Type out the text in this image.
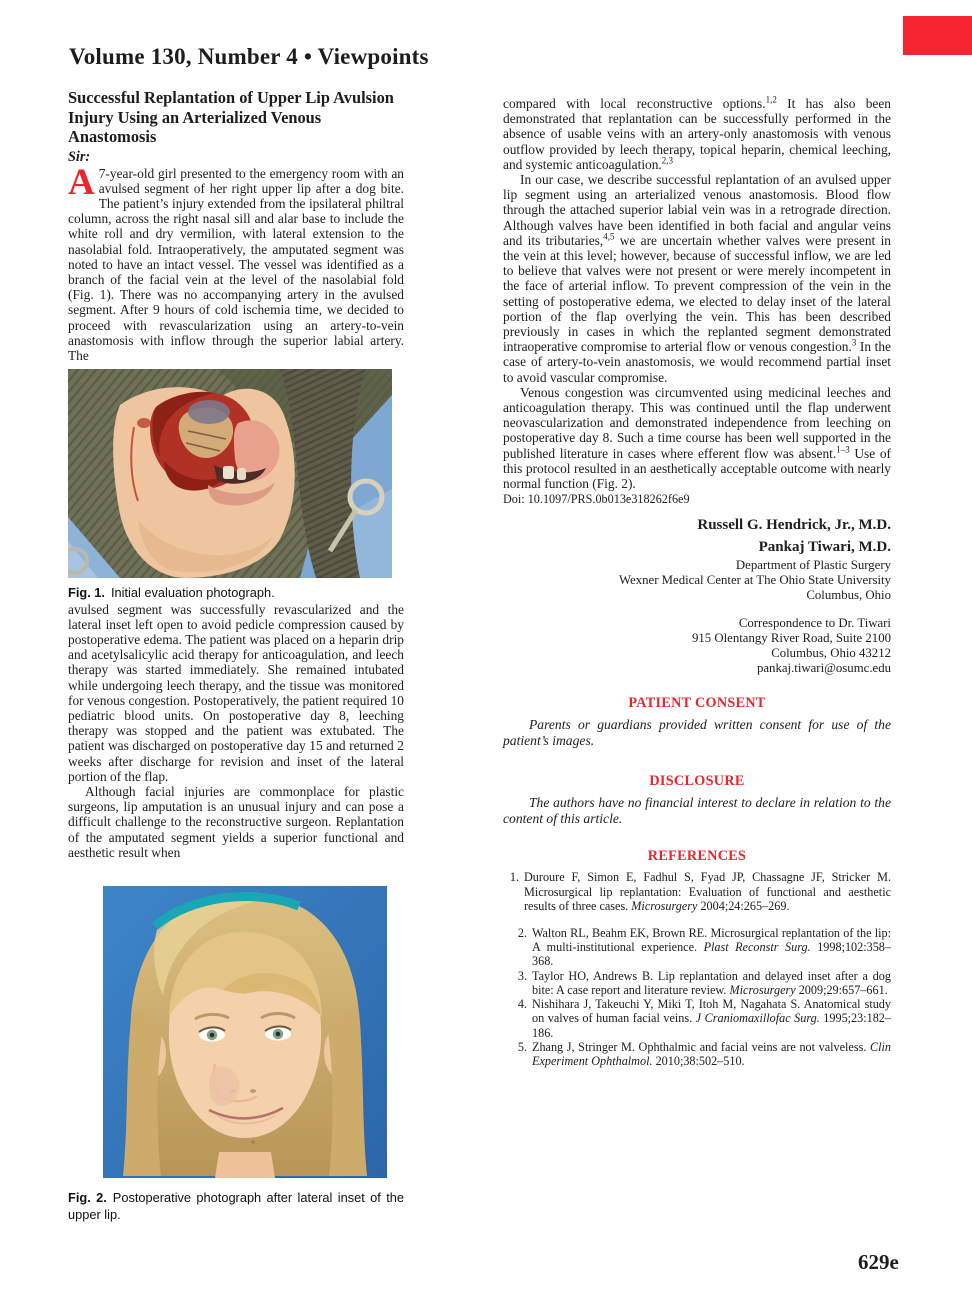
Volume 130, Number 4 • Viewpoints
Successful Replantation of Upper Lip Avulsion Injury Using an Arterialized Venous Anastomosis
Sir:

A 7-year-old girl presented to the emergency room with an avulsed segment of her right upper lip after a dog bite. The patient’s injury extended from the ipsilateral philtral column, across the right nasal sill and alar base to include the white roll and dry vermilion, with lateral extension to the nasolabial fold. Intraoperatively, the amputated segment was noted to have an intact vessel. The vessel was identified as a branch of the facial vein at the level of the nasolabial fold (Fig. 1). There was no accompanying artery in the avulsed segment. After 9 hours of cold ischemia time, we decided to proceed with revascularization using an artery-to-vein anastomosis with inflow through the superior labial artery. The

Fig. 1. Initial evaluation photograph.

avulsed segment was successfully revascularized and the lateral inset left open to avoid pedicle compression caused by postoperative edema. The patient was placed on a heparin drip and acetylsalicylic acid therapy for anticoagulation, and leech therapy was started immediately. She remained intubated while undergoing leech therapy, and the tissue was monitored for venous congestion. Postoperatively, the patient required 10 pediatric blood units. On postoperative day 8, leeching therapy was stopped and the patient was extubated. The patient was discharged on postoperative day 15 and returned 2 weeks after discharge for revision and inset of the lateral portion of the flap.

Although facial injuries are commonplace for plastic surgeons, lip amputation is an unusual injury and can pose a difficult challenge to the reconstructive surgeon. Replantation of the amputated segment yields a superior functional and aesthetic result when

Fig. 2. Postoperative photograph after lateral inset of the upper lip.

compared with local reconstructive options.$^{1,2}$ It has also been demonstrated that replantation can be successfully performed in the absence of usable veins with an artery-only anastomosis with venous outflow provided by leech therapy, topical heparin, chemical leeching, and systemic anticoagulation.$^{2,3}$

In our case, we describe successful replantation of an avulsed upper lip segment using an arterialized venous anastomosis. Blood flow through the attached superior labial vein was in a retrograde direction. Although valves have been identified in both facial and angular veins and its tributaries,$^{4,5}$ we are uncertain whether valves were present in the vein at this level; however, because of successful inflow, we are led to believe that valves were not present or were merely incompetent in the face of arterial inflow. To prevent compression of the vein in the setting of postoperative edema, we elected to delay inset of the lateral portion of the flap overlying the vein. This has been described previously in cases in which the replanted segment demonstrated intraoperative compromise to arterial flow or venous congestion.$^3$ In the case of artery-to-vein anastomosis, we would recommend partial inset to avoid vascular compromise.

Venous congestion was circumvented using medicinal leeches and anticoagulation therapy. This was continued until the flap underwent neovascularization and demonstrated independence from leeching on postoperative day 8. Such a time course has been well supported in the published literature in cases where efferent flow was absent.$^{1-3}$ Use of this protocol resulted in an aesthetically acceptable outcome with nearly normal function (Fig. 2).

Doi: 10.1097/PRS.0b013e318262f6e9
Russell G. Hendrick, Jr., M.D.
Pankaj Tiwari, M.D.
Department of Plastic Surgery
Wexner Medical Center at The Ohio State University
Columbus, Ohio
Correspondence to Dr. Tiwari
915 Olentangy River Road, Suite 2100
Columbus, Ohio 43212
pankaj.tiwari@osumc.edu
PATIENT CONSENT

Parents or guardians provided written consent for use of the patient’s images.

DISCLOSURE

The authors have no financial interest to declare in relation to the content of this article.

REFERENCES
1. Duroure F, Simon E, Fadhul S, Fyad JP, Chassagne JF, Stricker M. Microsurgical lip replantation: Evaluation of functional and aesthetic results of three cases. Microsurgery 2004;24:265–269.
2. Walton RL, Beahm EK, Brown RE. Microsurgical replantation of the lip: A multi-institutional experience. Plast Reconstr Surg. 1998;102:358–368.
3. Taylor HO, Andrews B. Lip replantation and delayed inset after a dog bite: A case report and literature review. Microsurgery 2009;29:657–661.
4. Nishihara J, Takeuchi Y, Miki T, Itoh M, Nagahata S. Anatomical study on valves of human facial veins. J Craniomaxillofac Surg. 1995;23:182–186.
5. Zhang J, Stringer M. Ophthalmic and facial veins are not valveless. Clin Experiment Ophthalmol. 2010;38:502–510.
629e
